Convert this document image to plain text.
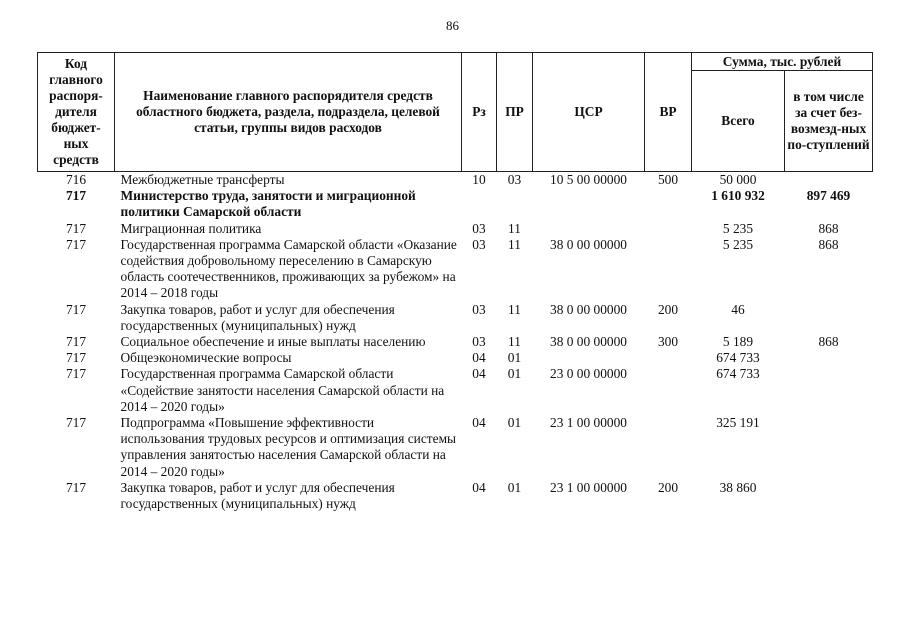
86
Код главного распоря-дителя бюджет-ных средств	Наименование главного распорядителя средств областного бюджета, раздела, подраздела, целевой статьи, группы видов расходов	Рз	ПР	ЦСР	ВР	Сумма, тыс. рублей	
						Всего	в том числе за счет без-возмезд-ных по-ступлений
716	Межбюджетные трансферты	10	03	10 5 00 00000	500	50 000	
717	Министерство труда, занятости и миграционной политики Самарской области					1 610 932	897 469
717	Миграционная политика	03	11			5 235	868
717	Государственная программа Самарской области «Оказание содействия добровольному переселению в Самарскую область соотечественников, проживающих за рубежом» на 2014 – 2018 годы	03	11	38 0 00 00000		5 235	868
717	Закупка товаров, работ и услуг для обеспечения государственных (муниципальных) нужд	03	11	38 0 00 00000	200	46	
717	Социальное обеспечение и иные выплаты населению	03	11	38 0 00 00000	300	5 189	868
717	Общеэкономические вопросы	04	01			674 733	
717	Государственная программа Самарской области «Содействие занятости населения Самарской области на 2014 – 2020 годы»	04	01	23 0 00 00000		674 733	
717	Подпрограмма «Повышение эффективности использования трудовых ресурсов и оптимизация системы управления занятостью населения Самарской области на 2014 – 2020 годы»	04	01	23 1 00 00000		325 191	
717	Закупка товаров, работ и услуг для обеспечения государственных (муниципальных) нужд	04	01	23 1 00 00000	200	38 860	
